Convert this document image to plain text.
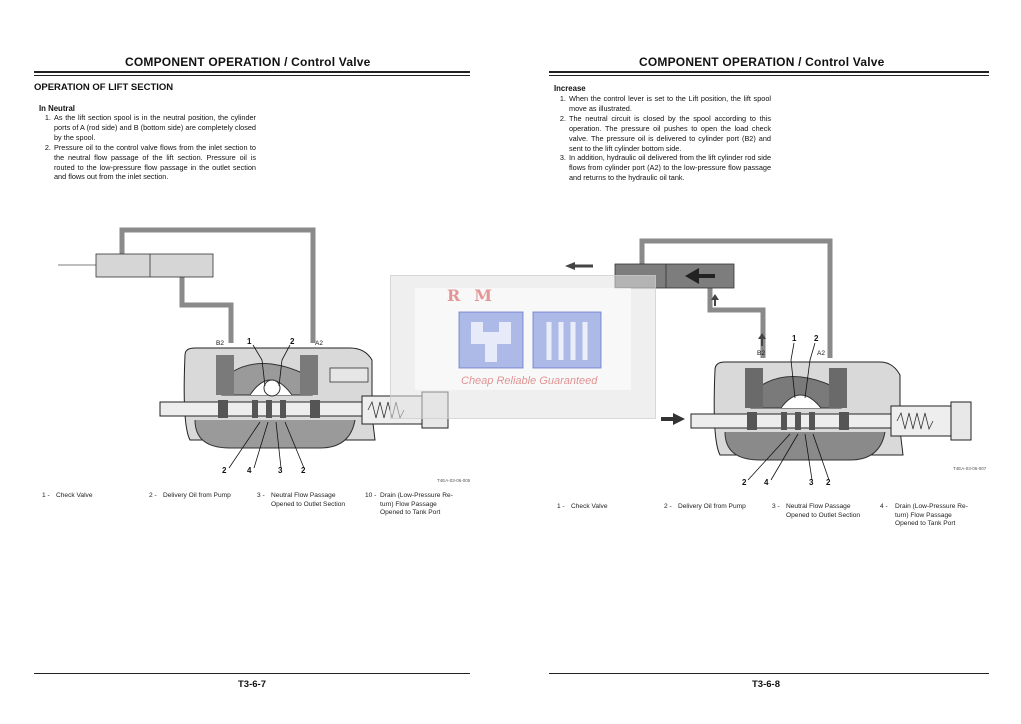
COMPONENT OPERATION / Control Valve
OPERATION OF LIFT SECTION
In Neutral
1. As the lift section spool is in the neutral position, the cylinder ports of A (rod side) and B (bottom side) are completely closed by the spool.
2. Pressure oil to the control valve flows from the inlet section to the neutral flow passage of the lift section. Pressure oil is routed to the low-pressure flow passage in the outlet section and flows out from the inlet section.
B2	A2
1	2
2	4	3 2
T4EA-03-06-005
1 - Check Valve	2 - Delivery Oil from Pump	3 - Neutral Flow Passage
Opened to Outlet Section
10 - Drain (Low-Pressure Re-
turn) Flow Passage
Opened to Tank Port
T3-6-7
COMPONENT OPERATION / Control Valve
Increase
1. When the control lever is set to the Lift position, the lift spool move as illustrated.
2. The neutral circuit is closed by the spool according to this operation. The pressure oil pushes to open the load check valve. The pressure oil is delivered to cylinder port (B2) and sent to the lift cylinder bottom side.
3. In addition, hydraulic oil delivered from the lift cylinder rod side flows from cylinder port (A2) to the low-pressure flow passage and returns to the hydraulic oil tank.
B2	A2
1 2
2 4	3 2
T4EA-03-06-007
1 - Check Valve	2 - Delivery Oil from Pump	3 - Neutral Flow Passage
Opened to Outlet Section
4 - Drain (Low-Pressure Re-
turn) Flow Passage
Opened to Tank Port
T3-6-8
RM
Cheap Reliable Guaranteed
